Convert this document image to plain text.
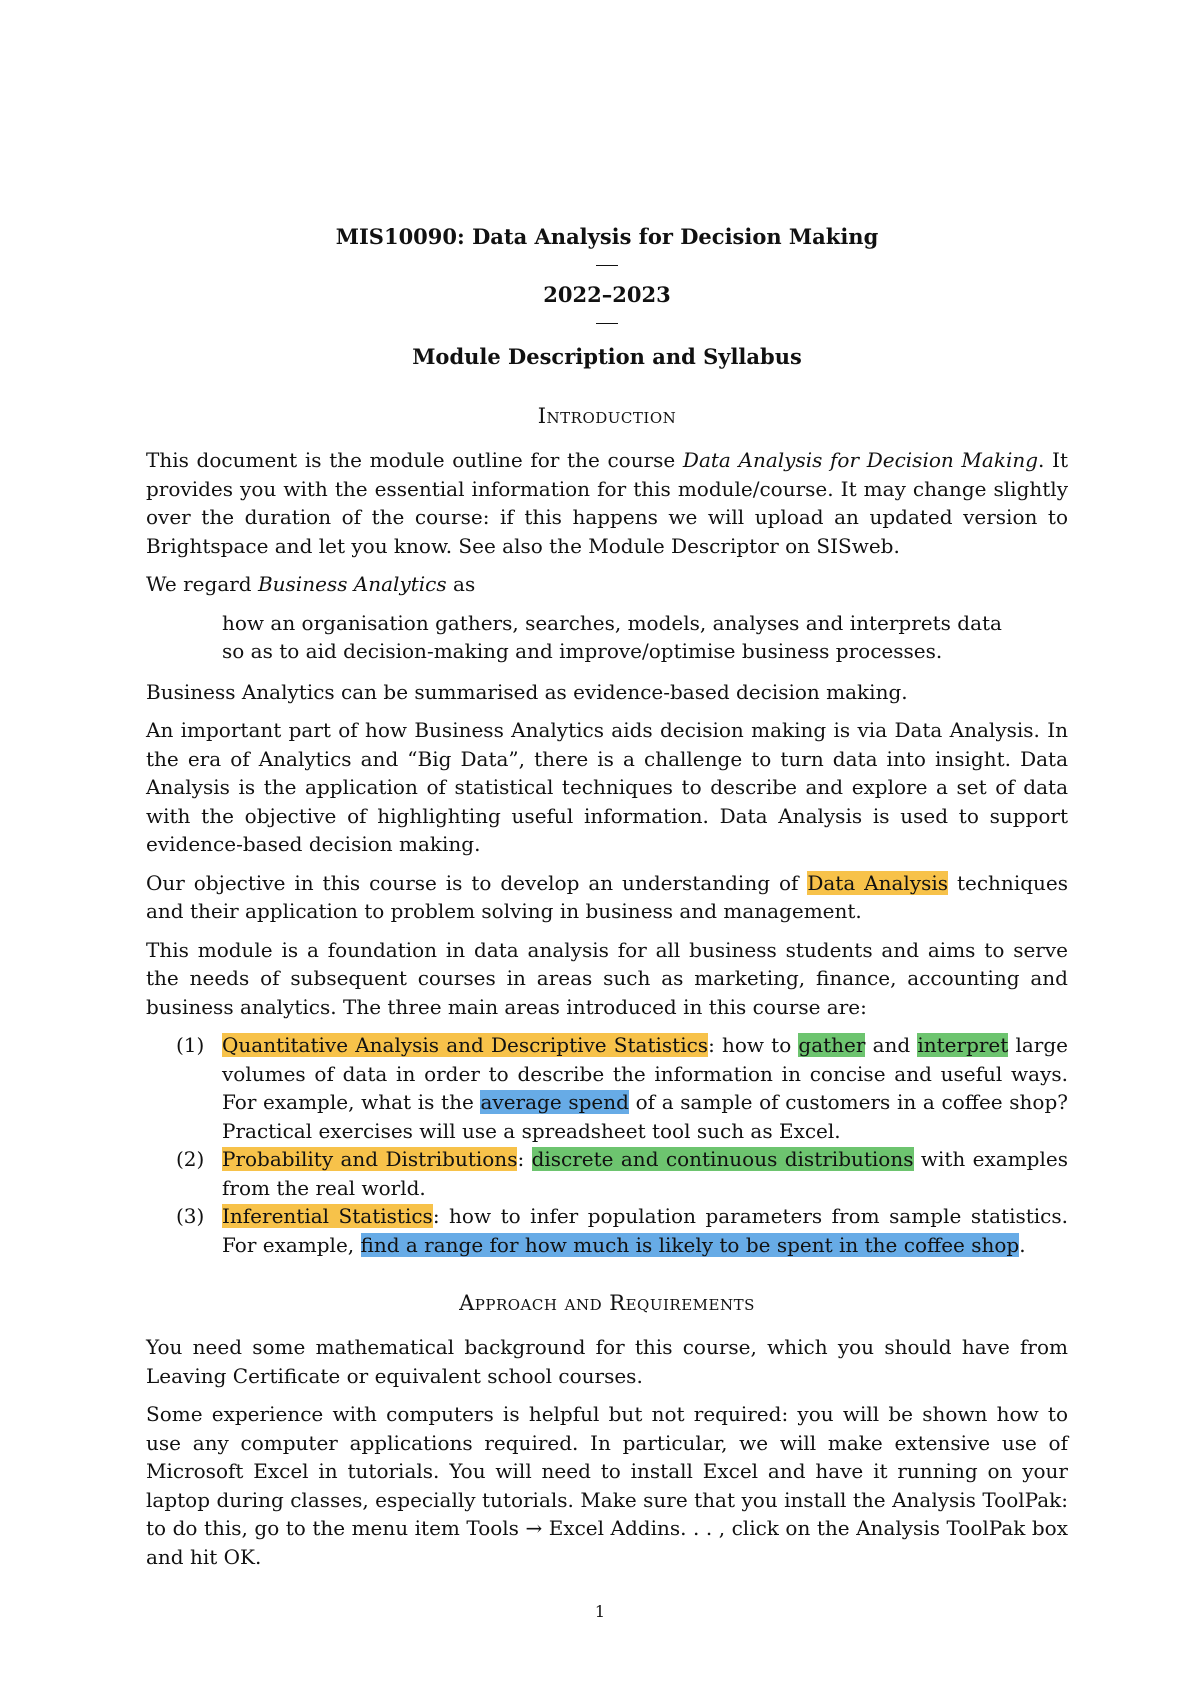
MIS10090: Data Analysis for Decision Making
2022–2023
Module Description and Syllabus
Introduction

This document is the module outline for the course Data Analysis for Decision Making. It provides you with the essential information for this module/course. It may change slightly over the duration of the course: if this happens we will upload an updated version to Brightspace and let you know. See also the Module Descriptor on SISweb.

We regard Business Analytics as

how an organisation gathers, searches, models, analyses and interprets data
so as to aid decision-making and improve/optimise business processes.

Business Analytics can be summarised as evidence-based decision making.

An important part of how Business Analytics aids decision making is via Data Analysis. In the era of Analytics and “Big Data”, there is a challenge to turn data into insight. Data Analysis is the application of statistical techniques to describe and explore a set of data with the objective of highlighting useful information. Data Analysis is used to support evidence-based decision making.

Our objective in this course is to develop an understanding of Data Analysis techniques and their application to problem solving in business and management.

This module is a foundation in data analysis for all business students and aims to serve the needs of subsequent courses in areas such as marketing, finance, accounting and business analytics. The three main areas introduced in this course are:

(1) Quantitative Analysis and Descriptive Statistics: how to gather and interpret large volumes of data in order to describe the information in concise and useful ways. For example, what is the average spend of a sample of customers in a coffee shop? Practical exercises will use a spreadsheet tool such as Excel.
(2) Probability and Distributions: discrete and continuous distributions with examples from the real world.
(3) Inferential Statistics: how to infer population parameters from sample statistics. For example, find a range for how much is likely to be spent in the coffee shop.
Approach and Requirements

You need some mathematical background for this course, which you should have from Leaving Certificate or equivalent school courses.

Some experience with computers is helpful but not required: you will be shown how to use any computer applications required. In particular, we will make extensive use of Microsoft Excel in tutorials. You will need to install Excel and have it running on your laptop during classes, especially tutorials. Make sure that you install the Analysis ToolPak: to do this, go to the menu item Tools → Excel Addins. . . , click on the Analysis ToolPak box and hit OK.

1
